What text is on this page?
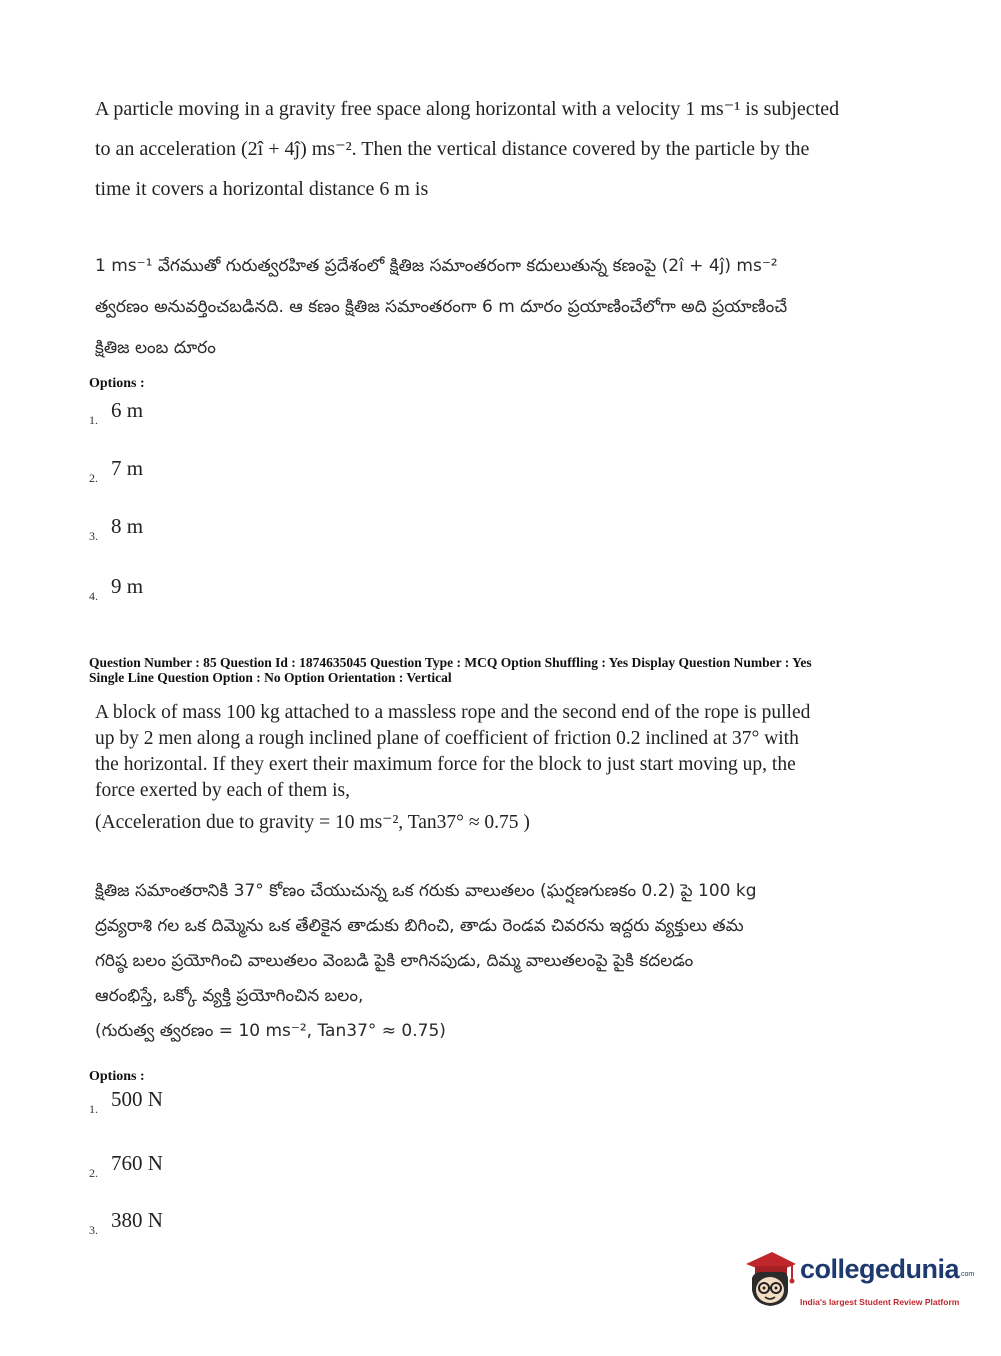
A particle moving in a gravity free space along horizontal with a velocity 1 ms⁻¹ is subjected

to an acceleration (2î + 4ĵ) ms⁻². Then the vertical distance covered by the particle by the

time it covers a horizontal distance 6 m is

1 ms⁻¹ వేగముతో గురుత్వరహిత ప్రదేశంలో క్షితిజ సమాంతరంగా కదులుతున్న కణంపై (2î + 4ĵ) ms⁻²

త్వరణం అనువర్తించబడినది. ఆ కణం క్షితిజ సమాంతరంగా 6 m దూరం ప్రయాణించేలోగా అది ప్రయాణించే

క్షితిజ లంబ దూరం

Options :
1. 6 m
2. 7 m
3. 8 m
4. 9 m
Question Number : 85 Question Id : 1874635045 Question Type : MCQ Option Shuffling : Yes Display Question Number : Yes
Single Line Question Option : No Option Orientation : Vertical

A block of mass 100 kg attached to a massless rope and the second end of the rope is pulled

up by 2 men along a rough inclined plane of coefficient of friction 0.2 inclined at 37° with

the horizontal. If they exert their maximum force for the block to just start moving up, the

force exerted by each of them is,

(Acceleration due to gravity = 10 ms⁻², Tan37° ≈ 0.75 )

క్షితిజ సమాంతరానికి 37° కోణం చేయుచున్న ఒక గరుకు వాలుతలం (ఘర్షణగుణకం 0.2) పై 100 kg

ద్రవ్యరాశి గల ఒక దిమ్మెను ఒక తేలికైన తాడుకు బిగించి, తాడు రెండవ చివరను ఇద్దరు వ్యక్తులు తమ

గరిష్ఠ బలం ప్రయోగించి వాలుతలం వెంబడి పైకి లాగినపుడు, దిమ్మ వాలుతలంపై పైకి కదలడం

ఆరంభిస్తే, ఒక్కో వ్యక్తి ప్రయోగించిన బలం,

(గురుత్వ త్వరణం = 10 ms⁻², Tan37° ≈ 0.75)

Options :
1. 500 N
2. 760 N
3. 380 N
collegedunia .com
India's largest Student Review Platform
